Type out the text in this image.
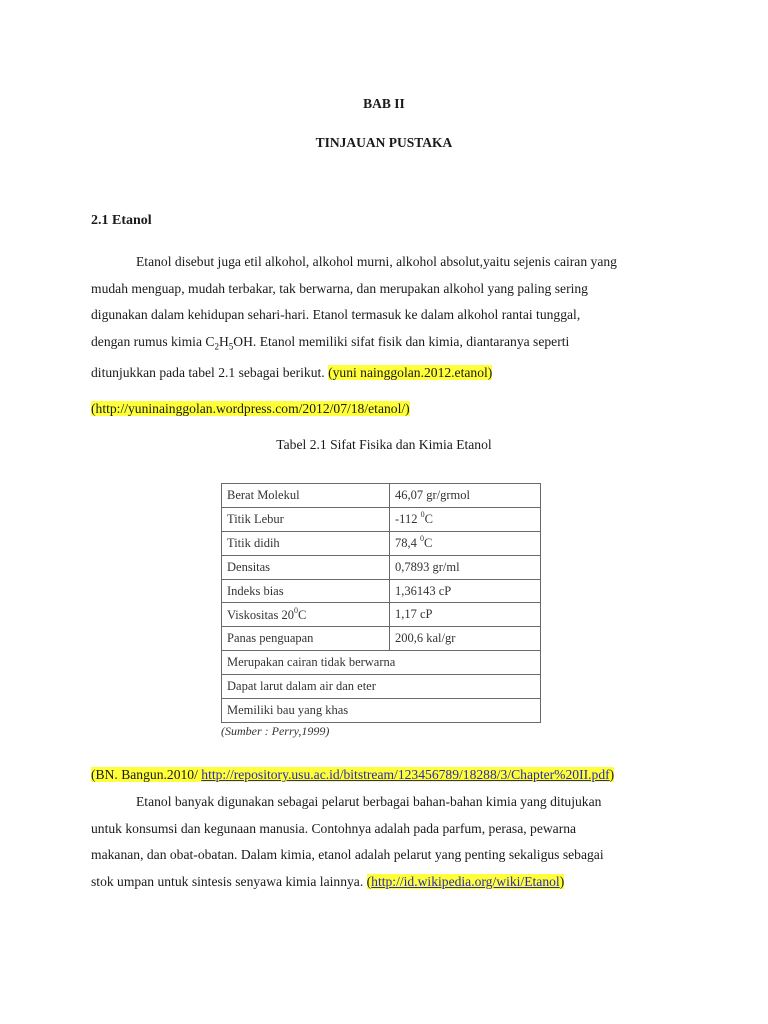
BAB II
TINJAUAN PUSTAKA
2.1 Etanol
Etanol disebut juga etil alkohol, alkohol murni, alkohol absolut,yaitu sejenis cairan yang
mudah menguap, mudah terbakar, tak berwarna, dan merupakan alkohol yang paling sering
digunakan dalam kehidupan sehari-hari. Etanol termasuk ke dalam alkohol rantai tunggal,
dengan rumus kimia $C_2H_5OH$. Etanol memiliki sifat fisik dan kimia, diantaranya seperti
ditunjukkan pada tabel 2.1 sebagai berikut. (yuni nainggolan.2012.etanol)
(http://yuninainggolan.wordpress.com/2012/07/18/etanol/)
Tabel 2.1 Sifat Fisika dan Kimia Etanol
Berat Molekul	46,07 gr/grmol
Titik Lebur	-112 $^0$C
Titik didih	78,4 $^0$C
Densitas	0,7893 gr/ml
Indeks bias	1,36143 cP
Viskositas $20^0C$	1,17 cP
Panas penguapan	200,6 kal/gr
Merupakan cairan tidak berwarna	
Dapat larut dalam air dan eter	
Memiliki bau yang khas	
(Sumber : Perry,1999)
(BN. Bangun.2010/ http://repository.usu.ac.id/bitstream/123456789/18288/3/Chapter%20II.pdf)
Etanol banyak digunakan sebagai pelarut berbagai bahan-bahan kimia yang ditujukan
untuk konsumsi dan kegunaan manusia. Contohnya adalah pada parfum, perasa, pewarna
makanan, dan obat-obatan. Dalam kimia, etanol adalah pelarut yang penting sekaligus sebagai
stok umpan untuk sintesis senyawa kimia lainnya. (http://id.wikipedia.org/wiki/Etanol)
